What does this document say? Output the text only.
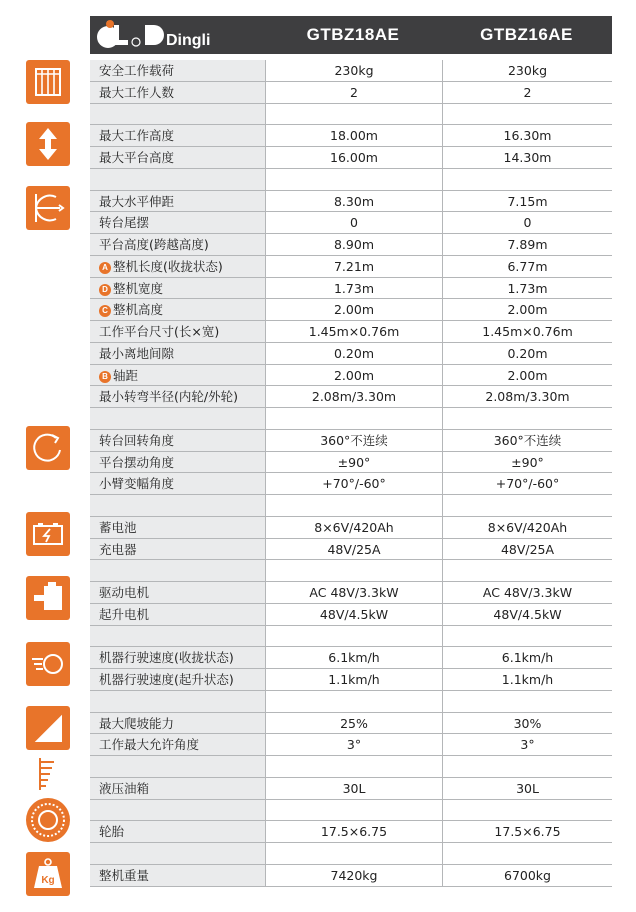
Dingli	GTBZ18AE	GTBZ16AE
Kg
安全工作载荷	230kg	230kg
最大工作人数	2	2
最大工作高度	18.00m	16.30m
最大平台高度	16.00m	14.30m
最大水平伸距	8.30m	7.15m
转台尾摆	0	0
平台高度(跨越高度)	8.90m	7.89m
A 整机长度(收拢状态)	7.21m	6.77m
D 整机宽度	1.73m	1.73m
C 整机高度	2.00m	2.00m
工作平台尺寸(长×宽)	1.45m×0.76m	1.45m×0.76m
最小离地间隙	0.20m	0.20m
B 轴距	2.00m	2.00m
最小转弯半径(内轮/外轮)	2.08m/3.30m	2.08m/3.30m
转台回转角度	360°不连续	360°不连续
平台摆动角度	±90°	±90°
小臂变幅角度	+70°/-60°	+70°/-60°
蓄电池	8×6V/420Ah	8×6V/420Ah
充电器	48V/25A	48V/25A
驱动电机	AC 48V/3.3kW	AC 48V/3.3kW
起升电机	48V/4.5kW	48V/4.5kW
机器行驶速度(收拢状态)	6.1km/h	6.1km/h
机器行驶速度(起升状态)	1.1km/h	1.1km/h
最大爬坡能力	25%	30%
工作最大允许角度	3°	3°
液压油箱	30L	30L
轮胎	17.5×6.75	17.5×6.75
整机重量	7420kg	6700kg
